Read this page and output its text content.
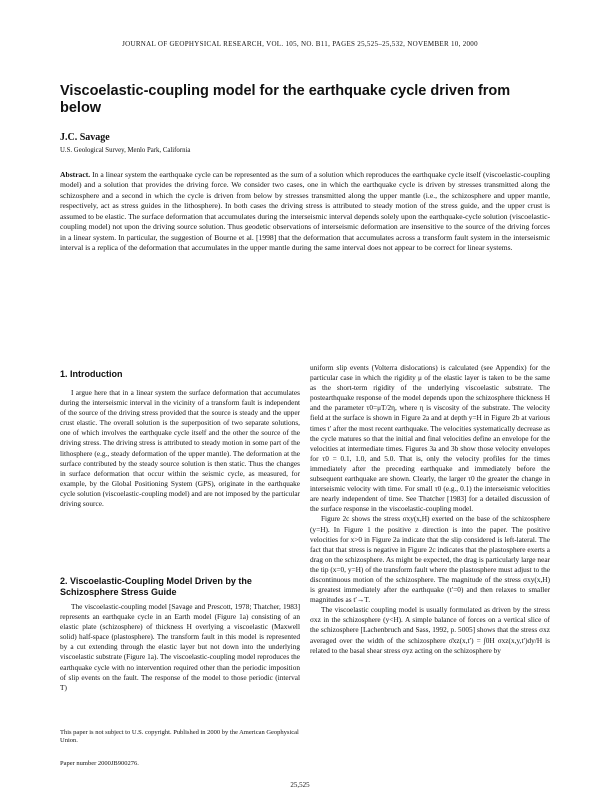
JOURNAL OF GEOPHYSICAL RESEARCH, VOL. 105, NO. B11, PAGES 25,525–25,532, NOVEMBER 10, 2000
Viscoelastic-coupling model for the earthquake cycle driven from below
J.C. Savage
U.S. Geological Survey, Menlo Park, California
Abstract. In a linear system the earthquake cycle can be represented as the sum of a solution which reproduces the earthquake cycle itself (viscoelastic-coupling model) and a solution that provides the driving force. We consider two cases, one in which the earthquake cycle is driven by stresses transmitted along the schizosphere and a second in which the cycle is driven from below by stresses transmitted along the upper mantle (i.e., the schizosphere and upper mantle, respectively, act as stress guides in the lithosphere). In both cases the driving stress is attributed to steady motion of the stress guide, and the upper crust is assumed to be elastic. The surface deformation that accumulates during the interseismic interval depends solely upon the earthquake-cycle solution (viscoelastic-coupling model) not upon the driving source solution. Thus geodetic observations of interseismic deformation are insensitive to the source of the driving forces in a linear system. In particular, the suggestion of Bourne et al. [1998] that the deformation that accumulates across a transform fault system in the interseismic interval is a replica of the deformation that accumulates in the upper mantle during the same interval does not appear to be correct for linear systems.
1. Introduction

I argue here that in a linear system the surface deformation that accumulates during the interseismic interval in the vicinity of a transform fault is independent of the source of the driving stress provided that the source is steady and the upper crust elastic. The overall solution is the superposition of two separate solutions, one of which involves the earthquake cycle itself and the other the source of the driving stress. The driving stress is attributed to steady motion in some part of the lithosphere (e.g., steady deformation of the upper mantle). The deformation at the surface contributed by the steady source solution is then static. Thus the changes in surface deformation that occur within the seismic cycle, as measured, for example, by the Global Positioning System (GPS), originate in the earthquake cycle solution (viscoelastic-coupling model) and are not imposed by the particular driving source.

2. Viscoelastic-Coupling Model Driven by the Schizosphere Stress Guide

The viscoelastic-coupling model [Savage and Prescott, 1978; Thatcher, 1983] represents an earthquake cycle in an Earth model (Figure 1a) consisting of an elastic plate (schizosphere) of thickness H overlying a viscoelastic (Maxwell solid) half-space (plastosphere). The transform fault in this model is represented by a cut extending through the elastic layer but not down into the underlying viscoelastic substrate (Figure 1a). The viscoelastic-coupling model reproduces the earthquake cycle with no intervention required other than the periodic imposition of slip events on the fault. The response of the model to those periodic (interval T)

This paper is not subject to U.S. copyright. Published in 2000 by the American Geophysical Union.
Paper number 2000JB900276.

uniform slip events (Volterra dislocations) is calculated (see Appendix) for the particular case in which the rigidity μ of the elastic layer is taken to be the same as the short-term rigidity of the underlying viscoelastic substrate. The postearthquake response of the model depends upon the schizosphere thickness H and the parameter τ0=μT/2η, where η is viscosity of the substrate. The velocity field at the surface is shown in Figure 2a and at depth y=H in Figure 2b at various times t′ after the most recent earthquake. The velocities systematically decrease as the cycle matures so that the initial and final velocities define an envelope for the velocities at intermediate times. Figures 3a and 3b show those velocity envelopes for τ0 = 0.1, 1.0, and 5.0. That is, only the velocity profiles for the times immediately after the preceding earthquake and immediately before the subsequent earthquake are shown. Clearly, the larger τ0 the greater the change in interseismic velocity with time. For small τ0 (e.g., 0.1) the interseismic velocities are nearly independent of time. See Thatcher [1983] for a detailed discussion of the surface response in the viscoelastic-coupling model.

Figure 2c shows the stress σxy(x,H) exerted on the base of the schizosphere (y=H). In Figure 1 the positive z direction is into the paper. The positive velocities for x>0 in Figure 2a indicate that the slip considered is left-lateral. The fact that that stress is negative in Figure 2c indicates that the plastosphere exerts a drag on the schizosphere. As might be expected, the drag is particularly large near the tip (x=0, y=H) of the transform fault where the plastosphere must adjust to the discontinuous motion of the schizosphere. The magnitude of the stress σxy(x,H) is greatest immediately after the earthquake (t′=0) and then relaxes to smaller magnitudes as t′→T.

The viscoelastic coupling model is usually formulated as driven by the stress σxz in the schizosphere (y<H). A simple balance of forces on a vertical slice of the schizosphere [Lachenbruch and Sass, 1992, p. 5005] shows that the stress σxz averaged over the width of the schizosphere σ̄xz(x,t′) = ∫0H σxz(x,y,t′)dy/H is related to the basal shear stress σyz acting on the schizosphere by

25,525
